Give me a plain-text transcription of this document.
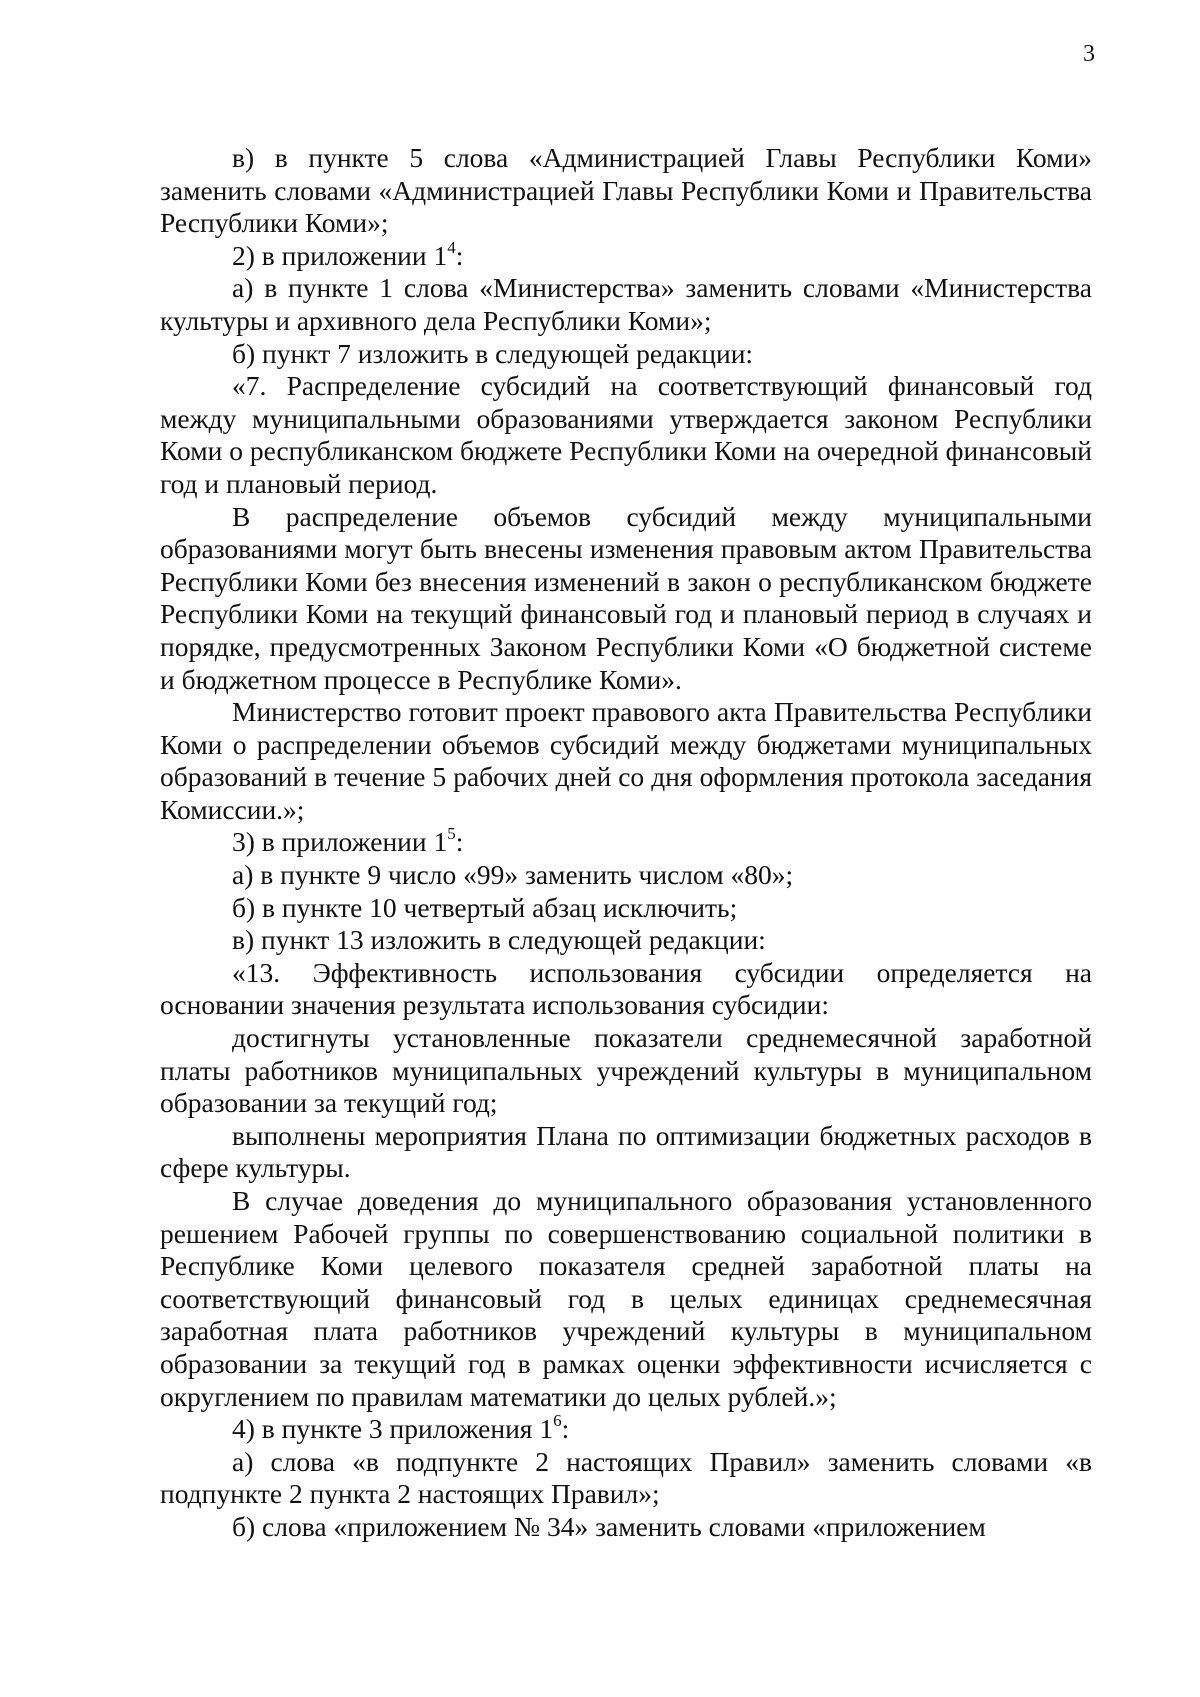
3

в) в пункте 5 слова «Администрацией Главы Республики Коми» заменить словами «Администрацией Главы Республики Коми и Правительства Республики Коми»;

2) в приложении $1^4$:

а) в пункте 1 слова «Министерства» заменить словами «Министерства культуры и архивного дела Республики Коми»;

б) пункт 7 изложить в следующей редакции:

«7. Распределение субсидий на соответствующий финансовый год между муниципальными образованиями утверждается законом Республики Коми о республиканском бюджете Республики Коми на очередной финансовый год и плановый период.

В распределение объемов субсидий между муниципальными образованиями могут быть внесены изменения правовым актом Правительства Республики Коми без внесения изменений в закон о республиканском бюджете Республики Коми на текущий финансовый год и плановый период в случаях и порядке, предусмотренных Законом Республики Коми «О бюджетной системе и бюджетном процессе в Республике Коми».

Министерство готовит проект правового акта Правительства Республики Коми о распределении объемов субсидий между бюджетами муниципальных образований в течение 5 рабочих дней со дня оформления протокола заседания Комиссии.»;

3) в приложении $1^5$:

а) в пункте 9 число «99» заменить числом «80»;

б) в пункте 10 четвертый абзац исключить;

в) пункт 13 изложить в следующей редакции:

«13. Эффективность использования субсидии определяется на основании значения результата использования субсидии:

достигнуты установленные показатели среднемесячной заработной платы работников муниципальных учреждений культуры в муниципальном образовании за текущий год;

выполнены мероприятия Плана по оптимизации бюджетных расходов в сфере культуры.

В случае доведения до муниципального образования установленного решением Рабочей группы по совершенствованию социальной политики в Республике Коми целевого показателя средней заработной платы на соответствующий финансовый год в целых единицах среднемесячная заработная плата работников учреждений культуры в муниципальном образовании за текущий год в рамках оценки эффективности исчисляется с округлением по правилам математики до целых рублей.»;

4) в пункте 3 приложения $1^6$:

а) слова «в подпункте 2 настоящих Правил» заменить словами «в подпункте 2 пункта 2 настоящих Правил»;

б) слова «приложением № 34» заменить словами «приложением
